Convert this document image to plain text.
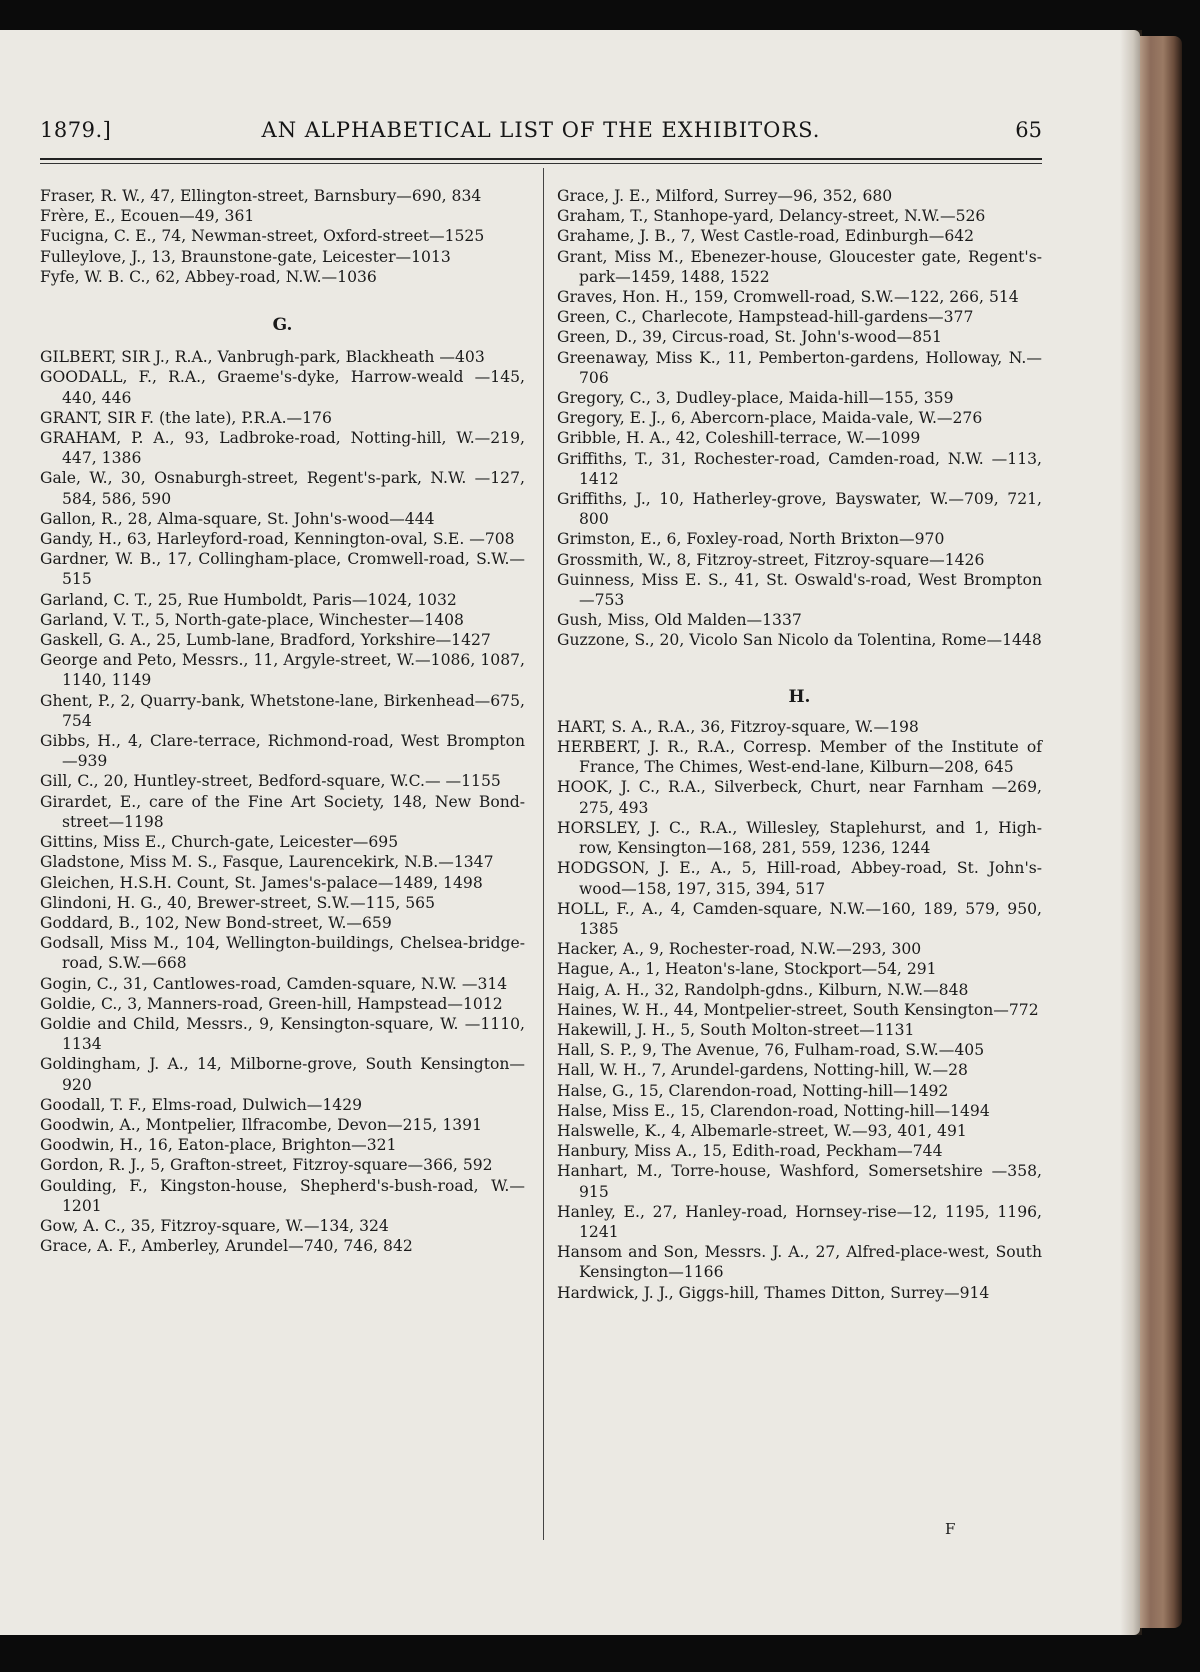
1879.]	AN ALPHABETICAL LIST OF THE EXHIBITORS.	65

Fraser, R. W., 47, Ellington-street, Barnsbury—690, 834

Frère, E., Ecouen—49, 361

Fucigna, C. E., 74, Newman-street, Oxford-street—1525

Fulleylove, J., 13, Braunstone-gate, Leicester—1013

Fyfe, W. B. C., 62, Abbey-road, N.W.—1036

G.

GILBERT, SIR J., R.A., Vanbrugh-park, Blackheath —403

GOODALL, F., R.A., Graeme's-dyke, Harrow-weald —145, 440, 446

GRANT, SIR F. (the late), P.R.A.—176

GRAHAM, P. A., 93, Ladbroke-road, Notting-hill, W.—219, 447, 1386

Gale, W., 30, Osnaburgh-street, Regent's-park, N.W. —127, 584, 586, 590

Gallon, R., 28, Alma-square, St. John's-wood—444

Gandy, H., 63, Harleyford-road, Kennington-oval, S.E. —708

Gardner, W. B., 17, Collingham-place, Cromwell-road, S.W.—515

Garland, C. T., 25, Rue Humboldt, Paris—1024, 1032

Garland, V. T., 5, North-gate-place, Winchester—1408

Gaskell, G. A., 25, Lumb-lane, Bradford, Yorkshire—1427

George and Peto, Messrs., 11, Argyle-street, W.—1086, 1087, 1140, 1149

Ghent, P., 2, Quarry-bank, Whetstone-lane, Birkenhead—675, 754

Gibbs, H., 4, Clare-terrace, Richmond-road, West Brompton—939

Gill, C., 20, Huntley-street, Bedford-square, W.C.— —1155

Girardet, E., care of the Fine Art Society, 148, New Bond-street—1198

Gittins, Miss E., Church-gate, Leicester—695

Gladstone, Miss M. S., Fasque, Laurencekirk, N.B.—1347

Gleichen, H.S.H. Count, St. James's-palace—1489, 1498

Glindoni, H. G., 40, Brewer-street, S.W.—115, 565

Goddard, B., 102, New Bond-street, W.—659

Godsall, Miss M., 104, Wellington-buildings, Chelsea-bridge-road, S.W.—668

Gogin, C., 31, Cantlowes-road, Camden-square, N.W. —314

Goldie, C., 3, Manners-road, Green-hill, Hampstead—1012

Goldie and Child, Messrs., 9, Kensington-square, W. —1110, 1134

Goldingham, J. A., 14, Milborne-grove, South Kensington—920

Goodall, T. F., Elms-road, Dulwich—1429

Goodwin, A., Montpelier, Ilfracombe, Devon—215, 1391

Goodwin, H., 16, Eaton-place, Brighton—321

Gordon, R. J., 5, Grafton-street, Fitzroy-square—366, 592

Goulding, F., Kingston-house, Shepherd's-bush-road, W.—1201

Gow, A. C., 35, Fitzroy-square, W.—134, 324

Grace, A. F., Amberley, Arundel—740, 746, 842

Grace, J. E., Milford, Surrey—96, 352, 680

Graham, T., Stanhope-yard, Delancy-street, N.W.—526

Grahame, J. B., 7, West Castle-road, Edinburgh—642

Grant, Miss M., Ebenezer-house, Gloucester gate, Regent's-park—1459, 1488, 1522

Graves, Hon. H., 159, Cromwell-road, S.W.—122, 266, 514

Green, C., Charlecote, Hampstead-hill-gardens—377

Green, D., 39, Circus-road, St. John's-wood—851

Greenaway, Miss K., 11, Pemberton-gardens, Holloway, N.—706

Gregory, C., 3, Dudley-place, Maida-hill—155, 359

Gregory, E. J., 6, Abercorn-place, Maida-vale, W.—276

Gribble, H. A., 42, Coleshill-terrace, W.—1099

Griffiths, T., 31, Rochester-road, Camden-road, N.W. —113, 1412

Griffiths, J., 10, Hatherley-grove, Bayswater, W.—709, 721, 800

Grimston, E., 6, Foxley-road, North Brixton—970

Grossmith, W., 8, Fitzroy-street, Fitzroy-square—1426

Guinness, Miss E. S., 41, St. Oswald's-road, West Brompton—753

Gush, Miss, Old Malden—1337

Guzzone, S., 20, Vicolo San Nicolo da Tolentina, Rome—1448

H.

HART, S. A., R.A., 36, Fitzroy-square, W.—198

HERBERT, J. R., R.A., Corresp. Member of the Institute of France, The Chimes, West-end-lane, Kilburn—208, 645

HOOK, J. C., R.A., Silverbeck, Churt, near Farnham —269, 275, 493

HORSLEY, J. C., R.A., Willesley, Staplehurst, and 1, High-row, Kensington—168, 281, 559, 1236, 1244

HODGSON, J. E., A., 5, Hill-road, Abbey-road, St. John's-wood—158, 197, 315, 394, 517

HOLL, F., A., 4, Camden-square, N.W.—160, 189, 579, 950, 1385

Hacker, A., 9, Rochester-road, N.W.—293, 300

Hague, A., 1, Heaton's-lane, Stockport—54, 291

Haig, A. H., 32, Randolph-gdns., Kilburn, N.W.—848

Haines, W. H., 44, Montpelier-street, South Kensington—772

Hakewill, J. H., 5, South Molton-street—1131

Hall, S. P., 9, The Avenue, 76, Fulham-road, S.W.—405

Hall, W. H., 7, Arundel-gardens, Notting-hill, W.—28

Halse, G., 15, Clarendon-road, Notting-hill—1492

Halse, Miss E., 15, Clarendon-road, Notting-hill—1494

Halswelle, K., 4, Albemarle-street, W.—93, 401, 491

Hanbury, Miss A., 15, Edith-road, Peckham—744

Hanhart, M., Torre-house, Washford, Somersetshire —358, 915

Hanley, E., 27, Hanley-road, Hornsey-rise—12, 1195, 1196, 1241

Hansom and Son, Messrs. J. A., 27, Alfred-place-west, South Kensington—1166

Hardwick, J. J., Giggs-hill, Thames Ditton, Surrey—914

F
